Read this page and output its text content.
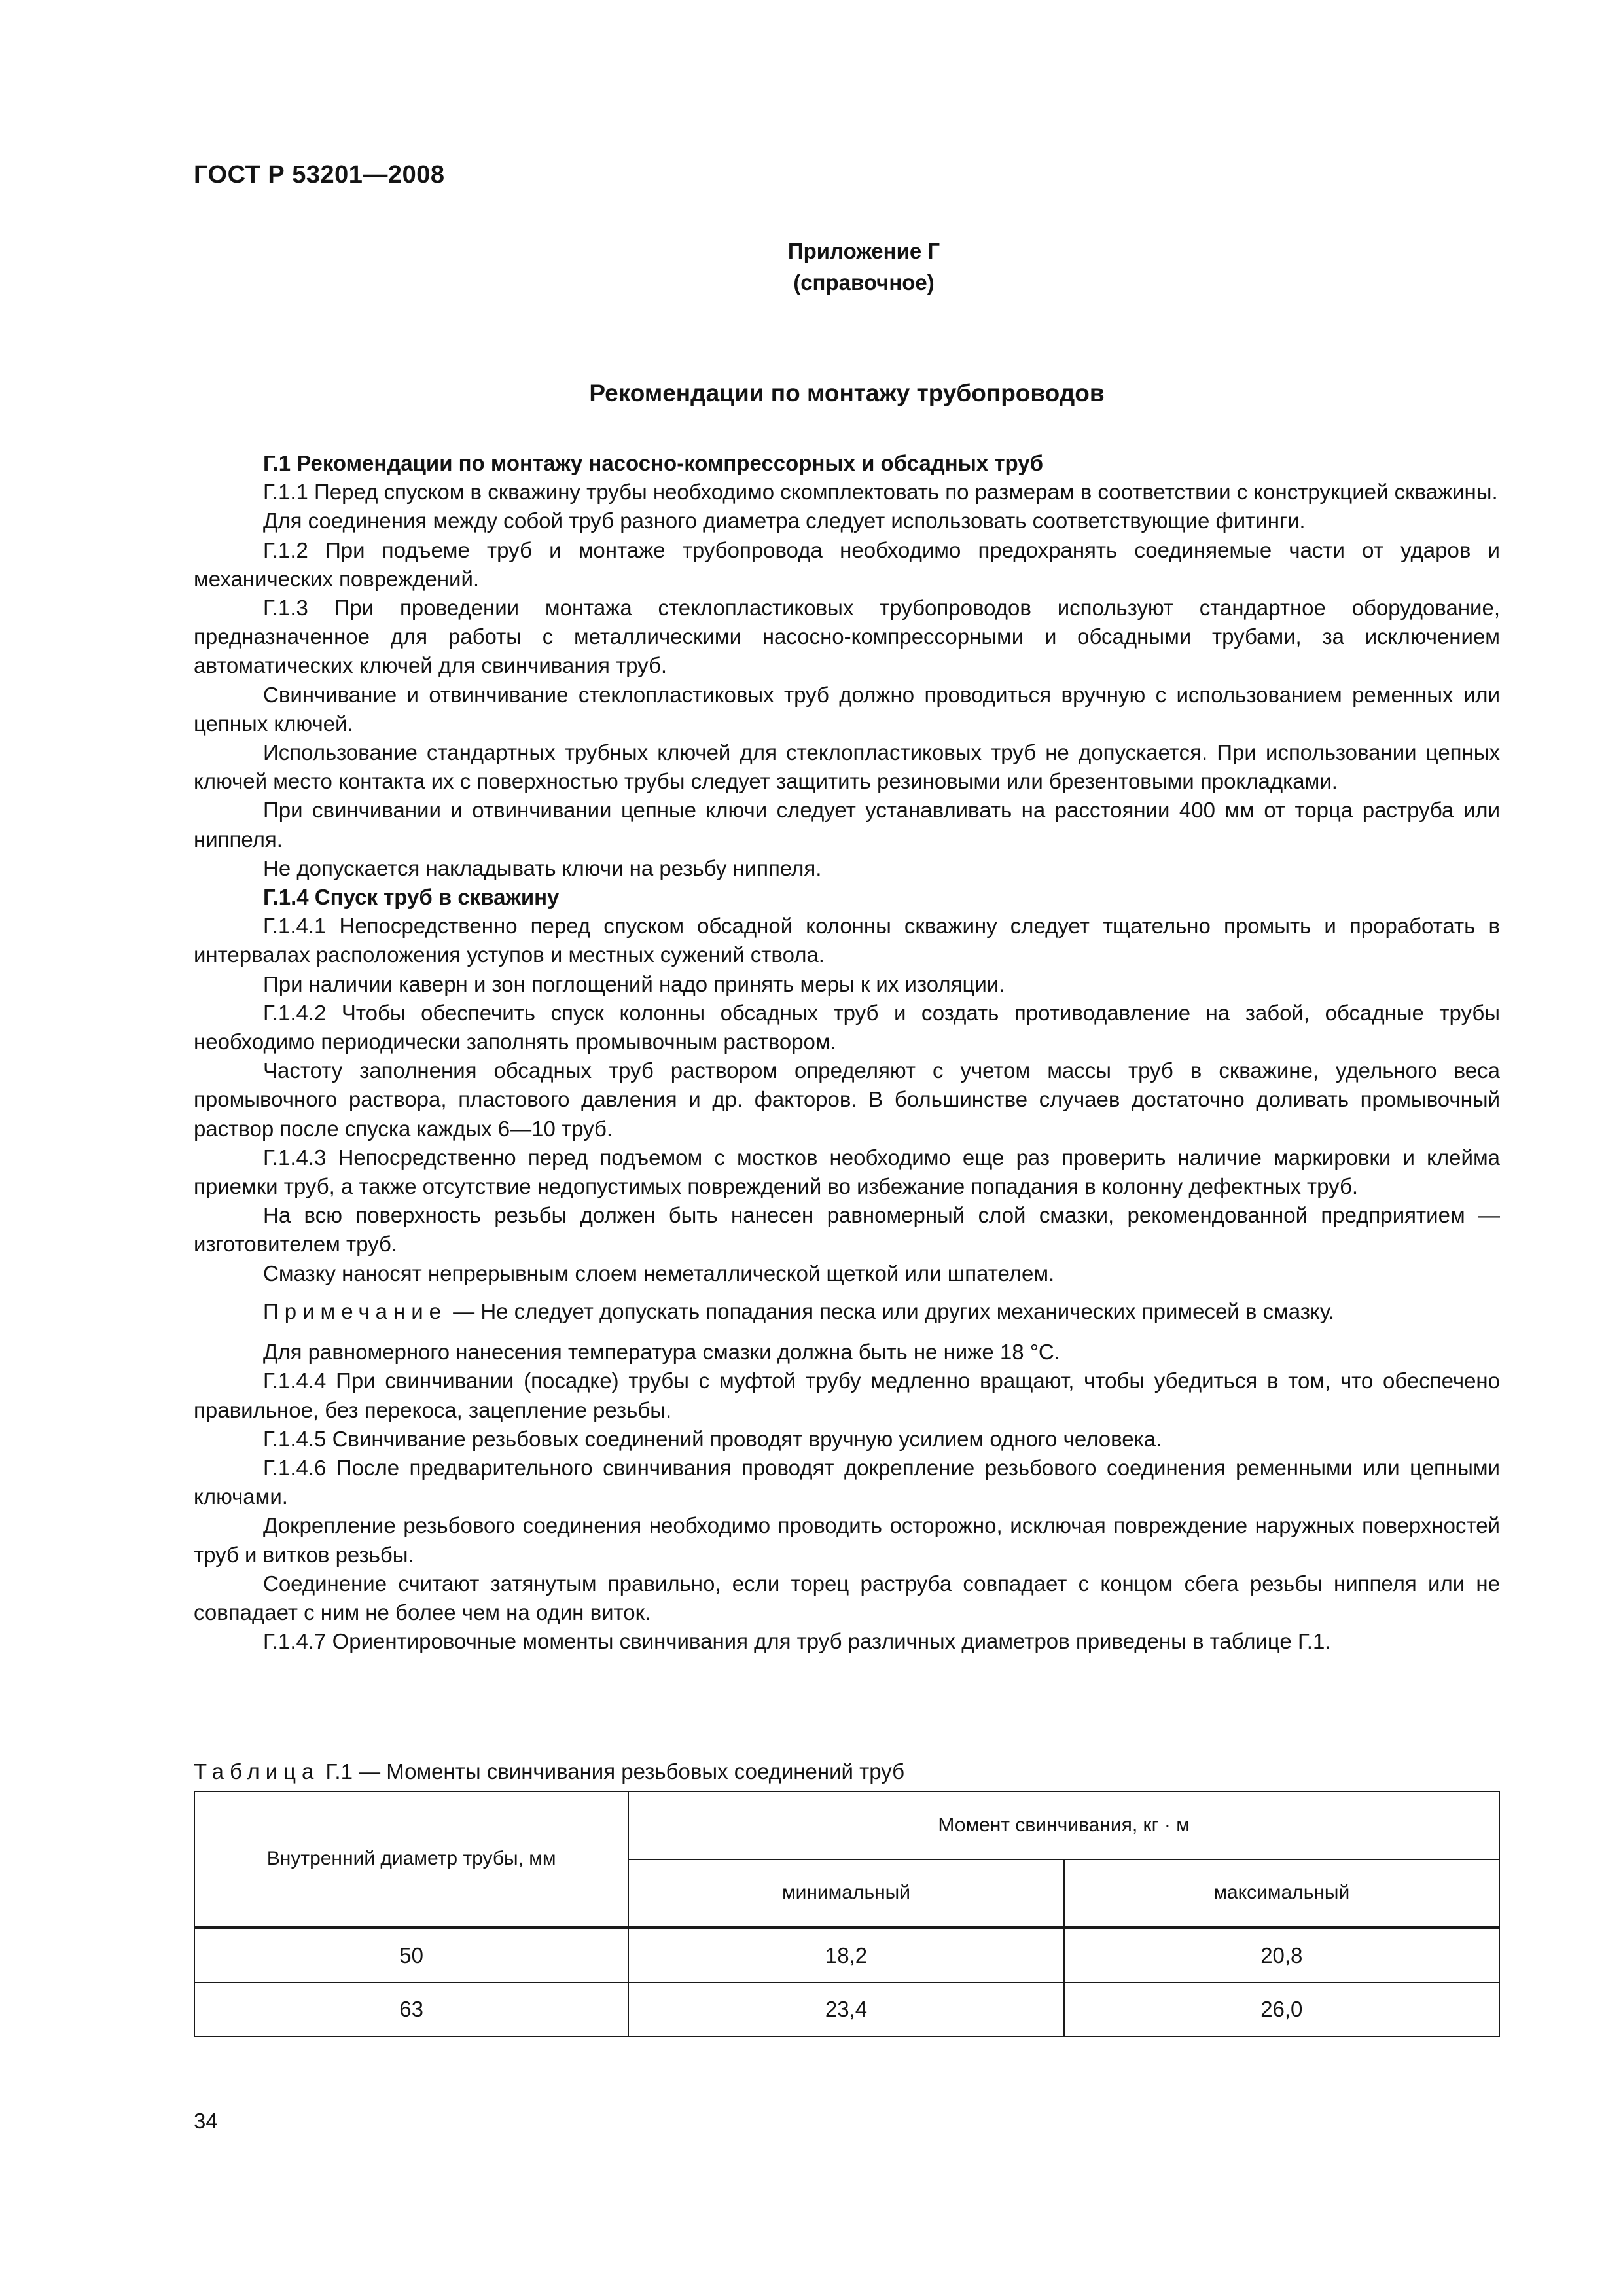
ГОСТ Р 53201—2008
Приложение Г
(справочное)
Рекомендации по монтажу трубопроводов

Г.1 Рекомендации по монтажу насосно-компрессорных и обсадных труб

Г.1.1 Перед спуском в скважину трубы необходимо скомплектовать по размерам в соответствии с конструкцией скважины.

Для соединения между собой труб разного диаметра следует использовать соответствующие фитинги.

Г.1.2 При подъеме труб и монтаже трубопровода необходимо предохранять соединяемые части от ударов и механических повреждений.

Г.1.3 При проведении монтажа стеклопластиковых трубопроводов используют стандартное оборудование, предназначенное для работы с металлическими насосно-компрессорными и обсадными трубами, за исключением автоматических ключей для свинчивания труб.

Свинчивание и отвинчивание стеклопластиковых труб должно проводиться вручную с использованием ременных или цепных ключей.

Использование стандартных трубных ключей для стеклопластиковых труб не допускается. При использовании цепных ключей место контакта их с поверхностью трубы следует защитить резиновыми или брезентовыми прокладками.

При свинчивании и отвинчивании цепные ключи следует устанавливать на расстоянии 400 мм от торца раструба или ниппеля.

Не допускается накладывать ключи на резьбу ниппеля.

Г.1.4 Спуск труб в скважину

Г.1.4.1 Непосредственно перед спуском обсадной колонны скважину следует тщательно промыть и проработать в интервалах расположения уступов и местных сужений ствола.

При наличии каверн и зон поглощений надо принять меры к их изоляции.

Г.1.4.2 Чтобы обеспечить спуск колонны обсадных труб и создать противодавление на забой, обсадные трубы необходимо периодически заполнять промывочным раствором.

Частоту заполнения обсадных труб раствором определяют с учетом массы труб в скважине, удельного веса промывочного раствора, пластового давления и др. факторов. В большинстве случаев достаточно доливать промывочный раствор после спуска каждых 6—10 труб.

Г.1.4.3 Непосредственно перед подъемом с мостков необходимо еще раз проверить наличие маркировки и клейма приемки труб, а также отсутствие недопустимых повреждений во избежание попадания в колонну дефектных труб.

На всю поверхность резьбы должен быть нанесен равномерный слой смазки, рекомендованной предприятием — изготовителем труб.

Смазку наносят непрерывным слоем неметаллической щеткой или шпателем.

Примечание — Не следует допускать попадания песка или других механических примесей в смазку.

Для равномерного нанесения температура смазки должна быть не ниже 18 °С.

Г.1.4.4 При свинчивании (посадке) трубы с муфтой трубу медленно вращают, чтобы убедиться в том, что обеспечено правильное, без перекоса, зацепление резьбы.

Г.1.4.5 Свинчивание резьбовых соединений проводят вручную усилием одного человека.

Г.1.4.6 После предварительного свинчивания проводят докрепление резьбового соединения ременными или цепными ключами.

Докрепление резьбового соединения необходимо проводить осторожно, исключая повреждение наружных поверхностей труб и витков резьбы.

Соединение считают затянутым правильно, если торец раструба совпадает с концом сбега резьбы ниппеля или не совпадает с ним не более чем на один виток.

Г.1.4.7 Ориентировочные моменты свинчивания для труб различных диаметров приведены в таблице Г.1.

Таблица Г.1 — Моменты свинчивания резьбовых соединений труб
Внутренний диаметр трубы, мм	Момент свинчивания, кг · м	
	минимальный	максимальный
50	18,2	20,8
63	23,4	26,0
34
